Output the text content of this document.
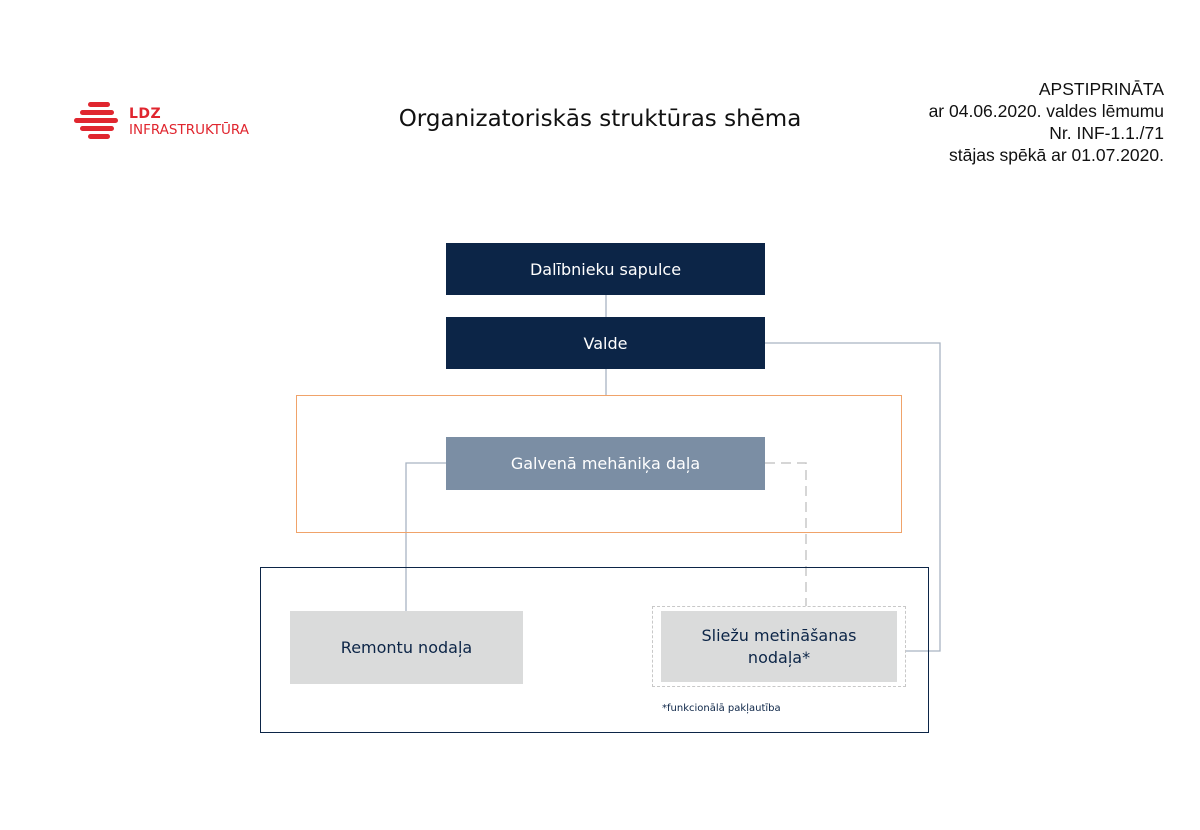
LDZ
INFRASTRUKTŪRA	Organizatoriskās struktūras shēma
APSTIPRINĀTA
ar 04.06.2020. valdes lēmumu
Nr. INF-1.1./71
stājas spēkā ar 01.07.2020.
Dalībnieku sapulce
Valde
Galvenā mehāniķa daļa
Remontu nodaļa
Sliežu metināšanas nodaļa*
*funkcionālā pakļautība
